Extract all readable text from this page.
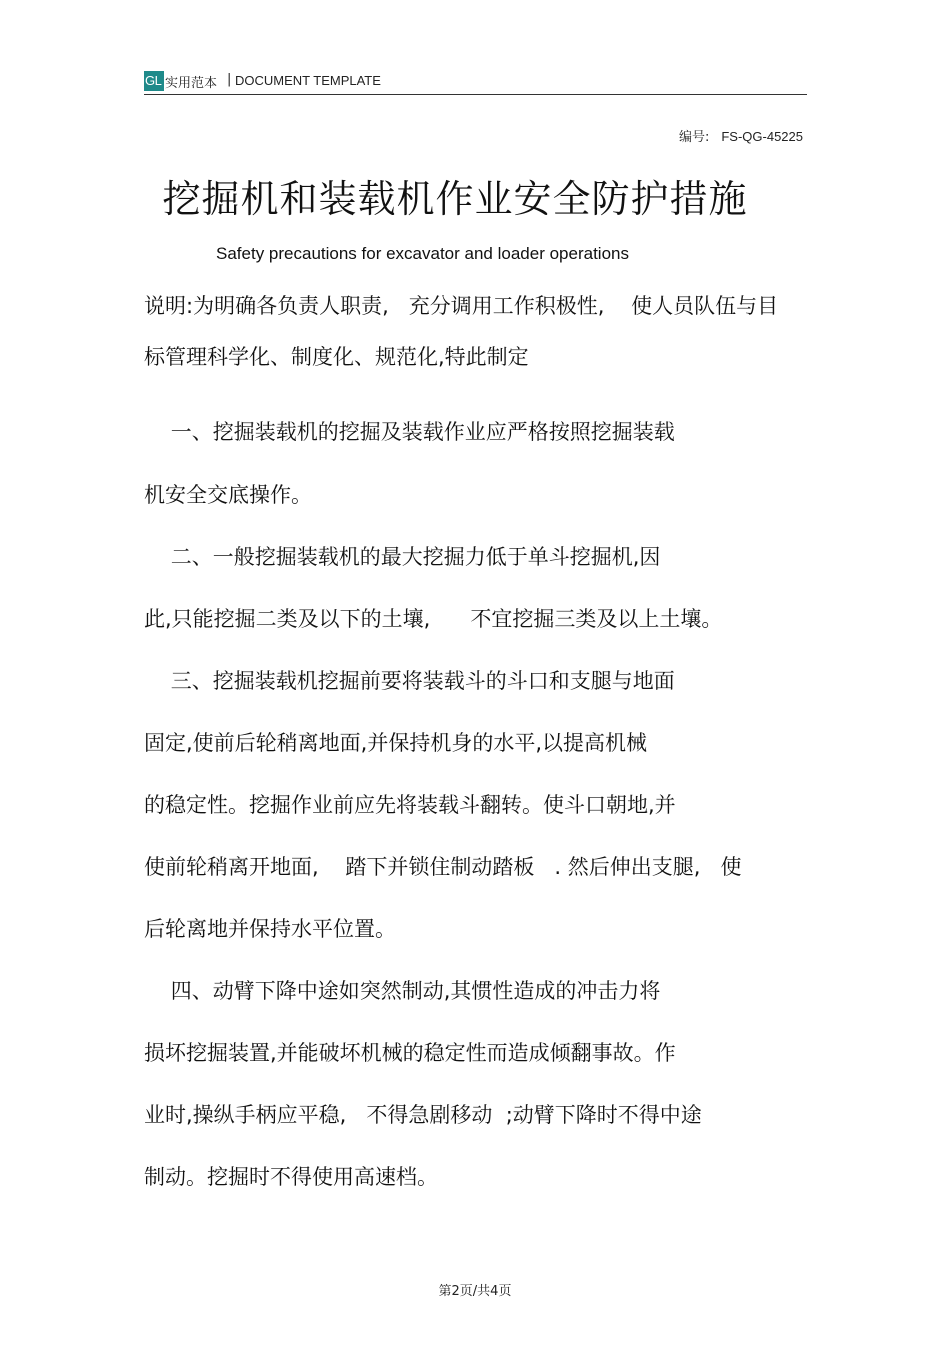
GL 实用范本 | DOCUMENT TEMPLATE
编号: FS-QG-45225
挖掘机和装载机作业安全防护措施
Safety precautions for excavator and loader operations
说明:为明确各负责人职责,   充分调用工作积极性,    使人员队伍与目
标管理科学化、制度化、规范化,特此制定
一、挖掘装载机的挖掘及装载作业应严格按照挖掘装载
机安全交底操作。
二、一般挖掘装载机的最大挖掘力低于单斗挖掘机,因
此,只能挖掘二类及以下的土壤,      不宜挖掘三类及以上土壤。
三、挖掘装载机挖掘前要将装载斗的斗口和支腿与地面
固定,使前后轮稍离地面,并保持机身的水平,以提高机械
的稳定性。挖掘作业前应先将装载斗翻转。使斗口朝地,并
使前轮稍离开地面,    踏下并锁住制动踏板   . 然后伸出支腿,   使
后轮离地并保持水平位置。
四、动臂下降中途如突然制动,其惯性造成的冲击力将
损坏挖掘装置,并能破坏机械的稳定性而造成倾翻事故。作
业时,操纵手柄应平稳,   不得急剧移动  ;动臂下降时不得中途
制动。挖掘时不得使用高速档。
第2页/共4页
